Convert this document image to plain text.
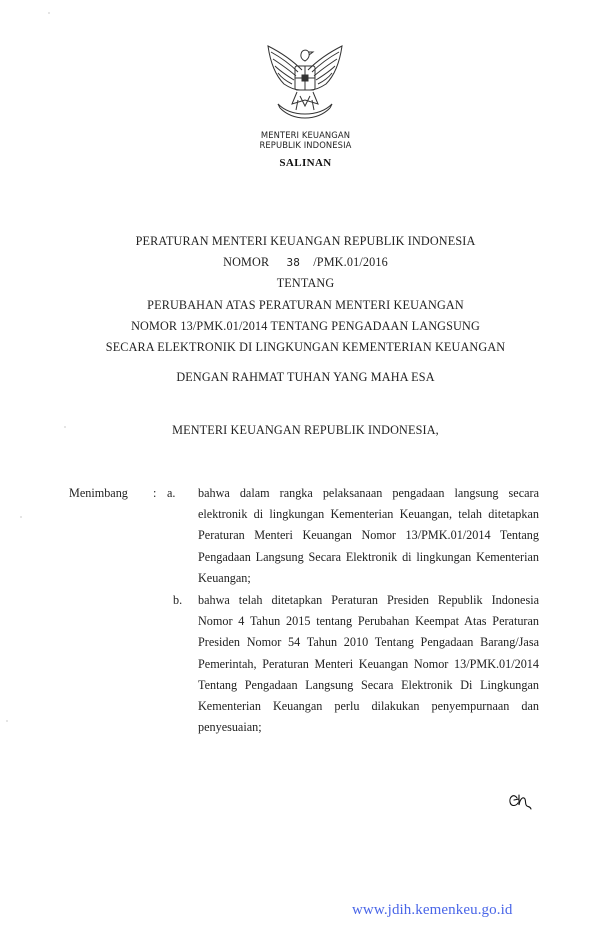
MENTERI KEUANGAN
REPUBLIK INDONESIA
SALINAN
PERATURAN MENTERI KEUANGAN REPUBLIK INDONESIA
NOMOR 38 /PMK.01/2016
TENTANG
PERUBAHAN ATAS PERATURAN MENTERI KEUANGAN
NOMOR 13/PMK.01/2014 TENTANG PENGADAAN LANGSUNG
SECARA ELEKTRONIK DI LINGKUNGAN KEMENTERIAN KEUANGAN
DENGAN RAHMAT TUHAN YANG MAHA ESA
MENTERI KEUANGAN REPUBLIK INDONESIA,
Menimbang : a. bahwa dalam rangka pelaksanaan pengadaan langsung secara elektronik di lingkungan Kementerian Keuangan, telah ditetapkan Peraturan Menteri Keuangan Nomor 13/PMK.01/2014 Tentang Pengadaan Langsung Secara Elektronik di lingkungan Kementerian Keuangan;
b. bahwa telah ditetapkan Peraturan Presiden Republik Indonesia Nomor 4 Tahun 2015 tentang Perubahan Keempat Atas Peraturan Presiden Nomor 54 Tahun 2010 Tentang Pengadaan Barang/Jasa Pemerintah, Peraturan Menteri Keuangan Nomor 13/PMK.01/2014 Tentang Pengadaan Langsung Secara Elektronik Di Lingkungan Kementerian Keuangan perlu dilakukan penyempurnaan dan penyesuaian;
www.jdih.kemenkeu.go.id
